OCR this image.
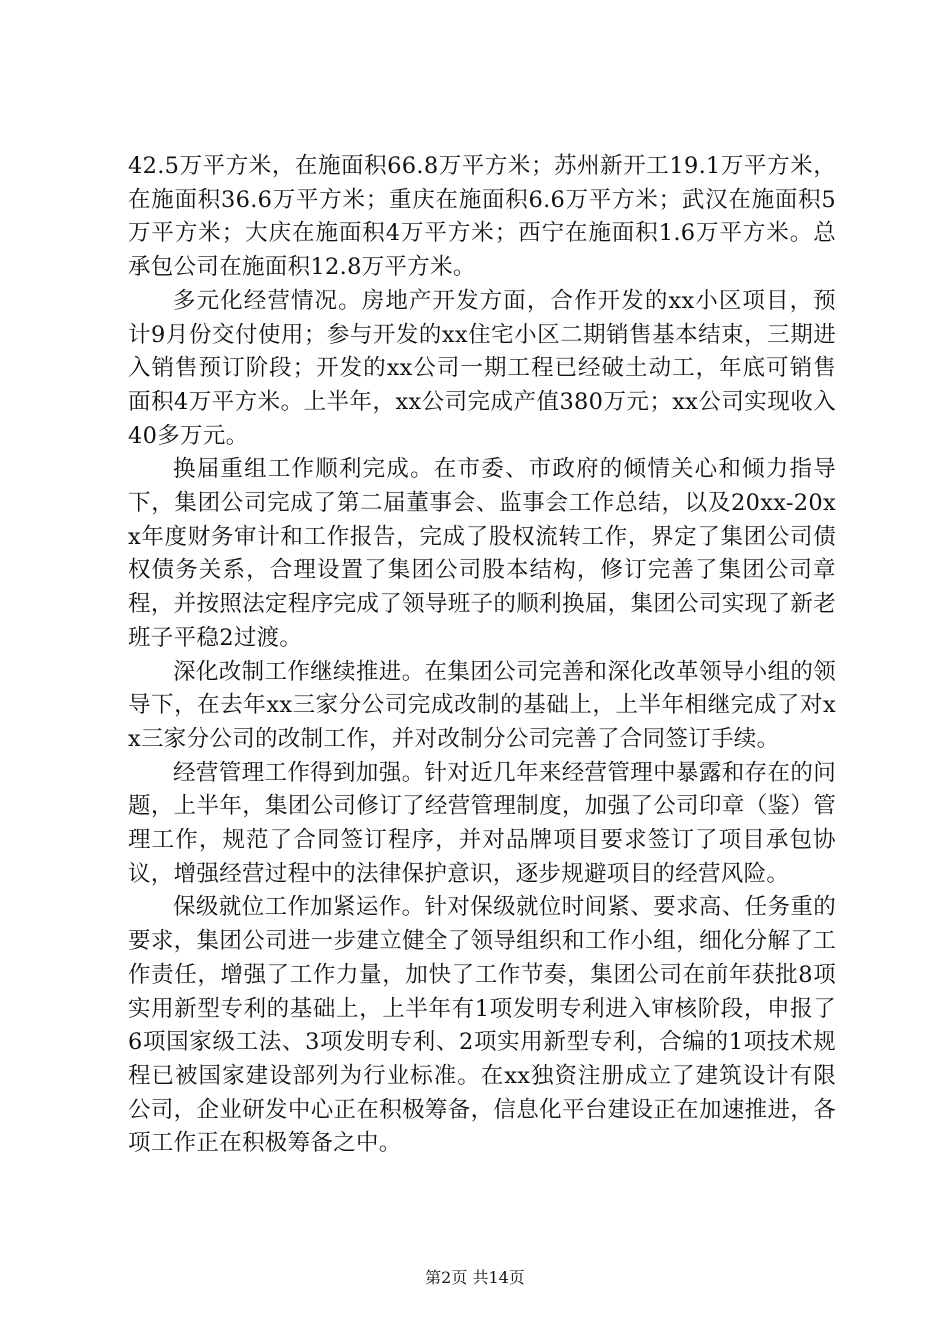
42.5万平方米，在施面积66.8万平方米；苏州新开工19.1万平方米，在施面积36.6万平方米；重庆在施面积6.6万平方米；武汉在施面积5万平方米；大庆在施面积4万平方米；西宁在施面积1.6万平方米。总承包公司在施面积12.8万平方米。

多元化经营情况。房地产开发方面，合作开发的xx小区项目，预计9月份交付使用；参与开发的xx住宅小区二期销售基本结束，三期进入销售预订阶段；开发的xx公司一期工程已经破土动工，年底可销售面积4万平方米。上半年，xx公司完成产值380万元；xx公司实现收入40多万元。

换届重组工作顺利完成。在市委、市政府的倾情关心和倾力指导下，集团公司完成了第二届董事会、监事会工作总结，以及20xx-20xx年度财务审计和工作报告，完成了股权流转工作，界定了集团公司债权债务关系，合理设置了集团公司股本结构，修订完善了集团公司章程，并按照法定程序完成了领导班子的顺利换届，集团公司实现了新老班子平稳2过渡。

深化改制工作继续推进。在集团公司完善和深化改革领导小组的领导下，在去年xx三家分公司完成改制的基础上，上半年相继完成了对xx三家分公司的改制工作，并对改制分公司完善了合同签订手续。

经营管理工作得到加强。针对近几年来经营管理中暴露和存在的问题，上半年，集团公司修订了经营管理制度，加强了公司印章（鉴）管理工作，规范了合同签订程序，并对品牌项目要求签订了项目承包协议，增强经营过程中的法律保护意识，逐步规避项目的经营风险。

保级就位工作加紧运作。针对保级就位时间紧、要求高、任务重的要求，集团公司进一步建立健全了领导组织和工作小组，细化分解了工作责任，增强了工作力量，加快了工作节奏，集团公司在前年获批8项实用新型专利的基础上，上半年有1项发明专利进入审核阶段，申报了6项国家级工法、3项发明专利、2项实用新型专利，合编的1项技术规程已被国家建设部列为行业标准。在xx独资注册成立了建筑设计有限公司，企业研发中心正在积极筹备，信息化平台建设正在加速推进，各项工作正在积极筹备之中。

第2页 共14页
